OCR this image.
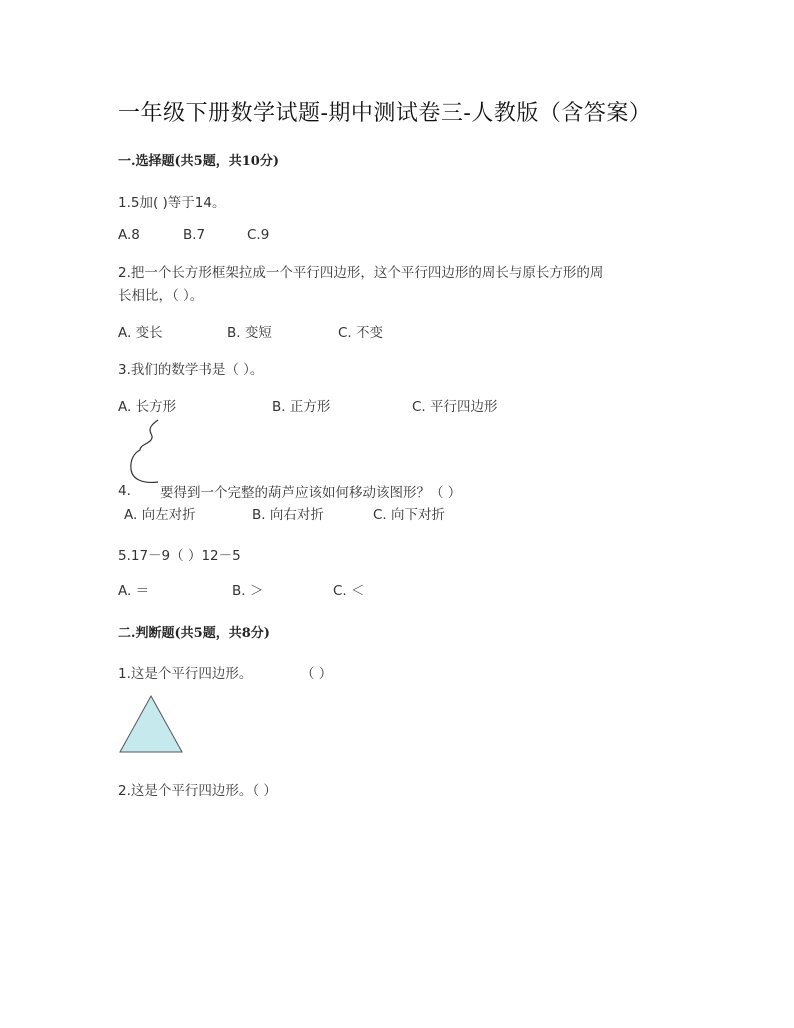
一年级下册数学试题-期中测试卷三-人教版（含答案）
一.选择题(共5题，共10分)
1.5加( )等于14。
A.8	B.7	C.9
2.把一个长方形框架拉成一个平行四边形，这个平行四边形的周长与原长方形的周
长相比，（ ）。
A. 变长	B. 变短	C. 不变
3.我们的数学书是（ ）。
A. 长方形	B. 正方形	C. 平行四边形
4. 要得到一个完整的葫芦应该如何移动该图形？（ ）
A. 向左对折	B. 向右对折	C. 向下对折
5.17－9（ ）12－5
A. ＝	B. ＞	C. ＜
二.判断题(共5题，共8分)
1.这是个平行四边形。	（ ）
2.这是个平行四边形。（ ）
